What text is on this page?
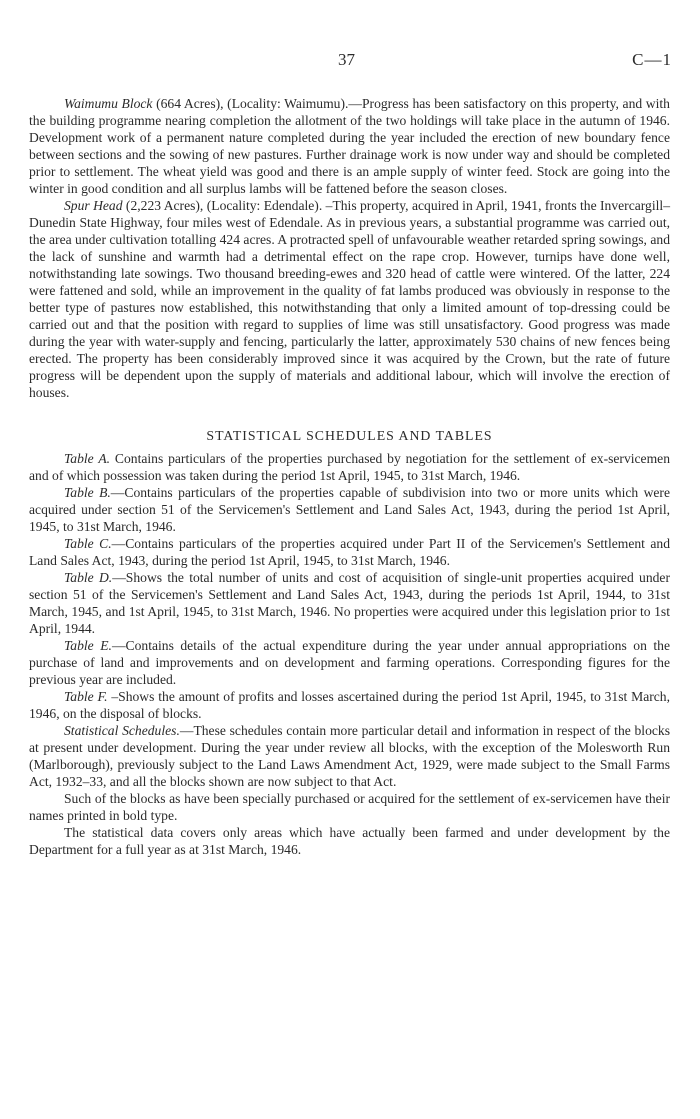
37	C—1

Waimumu Block (664 Acres), (Locality: Waimumu).—Progress has been satisfactory on this property, and with the building programme nearing completion the allotment of the two holdings will take place in the autumn of 1946. Development work of a permanent nature completed during the year included the erection of new boundary fence between sections and the sowing of new pastures. Further drainage work is now under way and should be completed prior to settlement. The wheat yield was good and there is an ample supply of winter feed. Stock are going into the winter in good condition and all surplus lambs will be fattened before the season closes.

Spur Head (2,223 Acres), (Locality: Edendale). –This property, acquired in April, 1941, fronts the Invercargill–Dunedin State Highway, four miles west of Edendale. As in previous years, a substantial programme was carried out, the area under cultivation totalling 424 acres. A protracted spell of unfavourable weather retarded spring sowings, and the lack of sunshine and warmth had a detrimental effect on the rape crop. However, turnips have done well, notwithstanding late sowings. Two thousand breeding-ewes and 320 head of cattle were wintered. Of the latter, 224 were fattened and sold, while an improvement in the quality of fat lambs produced was obviously in response to the better type of pastures now established, this notwithstanding that only a limited amount of top-dressing could be carried out and that the position with regard to supplies of lime was still unsatisfactory. Good progress was made during the year with water-supply and fencing, particularly the latter, approximately 530 chains of new fences being erected. The property has been considerably improved since it was acquired by the Crown, but the rate of future progress will be dependent upon the supply of materials and additional labour, which will involve the erection of houses.

STATISTICAL SCHEDULES AND TABLES

Table A. Contains particulars of the properties purchased by negotiation for the settlement of ex-servicemen and of which possession was taken during the period 1st April, 1945, to 31st March, 1946.

Table B.—Contains particulars of the properties capable of subdivision into two or more units which were acquired under section 51 of the Servicemen's Settlement and Land Sales Act, 1943, during the period 1st April, 1945, to 31st March, 1946.

Table C.—Contains particulars of the properties acquired under Part II of the Servicemen's Settlement and Land Sales Act, 1943, during the period 1st April, 1945, to 31st March, 1946.

Table D.—Shows the total number of units and cost of acquisition of single-unit properties acquired under section 51 of the Servicemen's Settlement and Land Sales Act, 1943, during the periods 1st April, 1944, to 31st March, 1945, and 1st April, 1945, to 31st March, 1946. No properties were acquired under this legislation prior to 1st April, 1944.

Table E.—Contains details of the actual expenditure during the year under annual appropriations on the purchase of land and improvements and on development and farming operations. Corresponding figures for the previous year are included.

Table F. –Shows the amount of profits and losses ascertained during the period 1st April, 1945, to 31st March, 1946, on the disposal of blocks.

Statistical Schedules.—These schedules contain more particular detail and information in respect of the blocks at present under development. During the year under review all blocks, with the exception of the Molesworth Run (Marlborough), previously subject to the Land Laws Amendment Act, 1929, were made subject to the Small Farms Act, 1932–33, and all the blocks shown are now subject to that Act.

Such of the blocks as have been specially purchased or acquired for the settlement of ex-servicemen have their names printed in bold type.

The statistical data covers only areas which have actually been farmed and under development by the Department for a full year as at 31st March, 1946.
